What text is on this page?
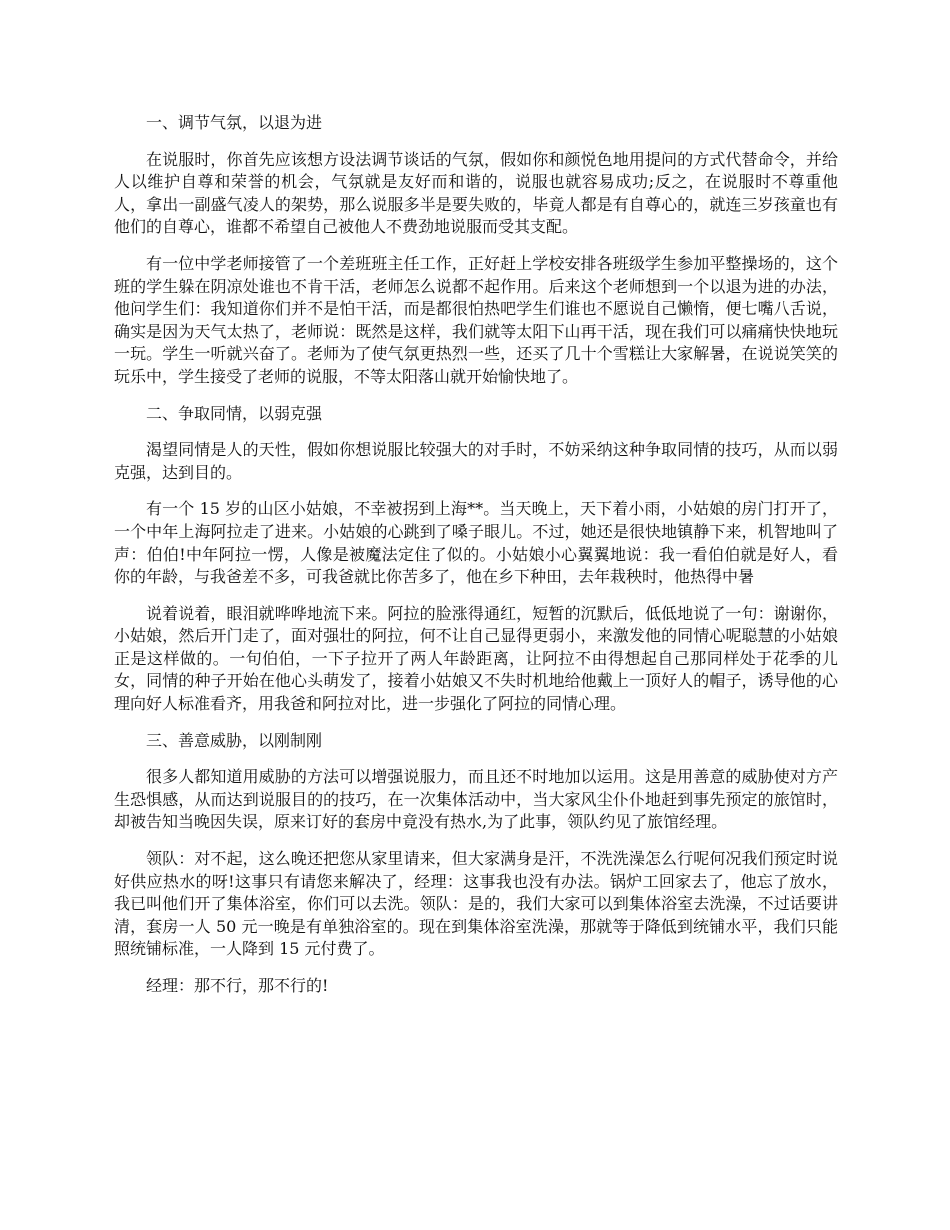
一、调节气氛，以退为进

在说服时，你首先应该想方设法调节谈话的气氛，假如你和颜悦色地用提问的方式代替命令，并给人以维护自尊和荣誉的机会，气氛就是友好而和谐的，说服也就容易成功;反之，在说服时不尊重他人，拿出一副盛气凌人的架势，那么说服多半是要失败的，毕竟人都是有自尊心的，就连三岁孩童也有他们的自尊心，谁都不希望自己被他人不费劲地说服而受其支配。

有一位中学老师接管了一个差班班主任工作，正好赶上学校安排各班级学生参加平整操场的，这个班的学生躲在阴凉处谁也不肯干活，老师怎么说都不起作用。后来这个老师想到一个以退为进的办法，他问学生们：我知道你们并不是怕干活，而是都很怕热吧学生们谁也不愿说自己懒惰，便七嘴八舌说，确实是因为天气太热了，老师说：既然是这样，我们就等太阳下山再干活，现在我们可以痛痛快快地玩一玩。学生一听就兴奋了。老师为了使气氛更热烈一些，还买了几十个雪糕让大家解暑，在说说笑笑的玩乐中，学生接受了老师的说服，不等太阳落山就开始愉快地了。

二、争取同情，以弱克强

渴望同情是人的天性，假如你想说服比较强大的对手时，不妨采纳这种争取同情的技巧，从而以弱克强，达到目的。

有一个 15 岁的山区小姑娘，不幸被拐到上海**。当天晚上，天下着小雨，小姑娘的房门打开了，一个中年上海阿拉走了进来。小姑娘的心跳到了嗓子眼儿。不过，她还是很快地镇静下来，机智地叫了声：伯伯!中年阿拉一愣，人像是被魔法定住了似的。小姑娘小心翼翼地说：我一看伯伯就是好人，看你的年龄，与我爸差不多，可我爸就比你苦多了，他在乡下种田，去年栽秧时，他热得中暑

说着说着，眼泪就哗哗地流下来。阿拉的脸涨得通红，短暂的沉默后，低低地说了一句：谢谢你，小姑娘，然后开门走了，面对强壮的阿拉，何不让自己显得更弱小，来激发他的同情心呢聪慧的小姑娘正是这样做的。一句伯伯，一下子拉开了两人年龄距离，让阿拉不由得想起自己那同样处于花季的儿女，同情的种子开始在他心头萌发了，接着小姑娘又不失时机地给他戴上一顶好人的帽子，诱导他的心理向好人标准看齐，用我爸和阿拉对比，进一步强化了阿拉的同情心理。

三、善意威胁，以刚制刚

很多人都知道用威胁的方法可以增强说服力，而且还不时地加以运用。这是用善意的威胁使对方产生恐惧感，从而达到说服目的的技巧，在一次集体活动中，当大家风尘仆仆地赶到事先预定的旅馆时，却被告知当晚因失误，原来订好的套房中竟没有热水,为了此事，领队约见了旅馆经理。

领队：对不起，这么晚还把您从家里请来，但大家满身是汗，不洗洗澡怎么行呢何况我们预定时说好供应热水的呀!这事只有请您来解决了，经理：这事我也没有办法。锅炉工回家去了，他忘了放水，我已叫他们开了集体浴室，你们可以去洗。领队：是的，我们大家可以到集体浴室去洗澡，不过话要讲清，套房一人 50 元一晚是有单独浴室的。现在到集体浴室洗澡，那就等于降低到统铺水平，我们只能照统铺标准，一人降到 15 元付费了。

经理：那不行，那不行的!
